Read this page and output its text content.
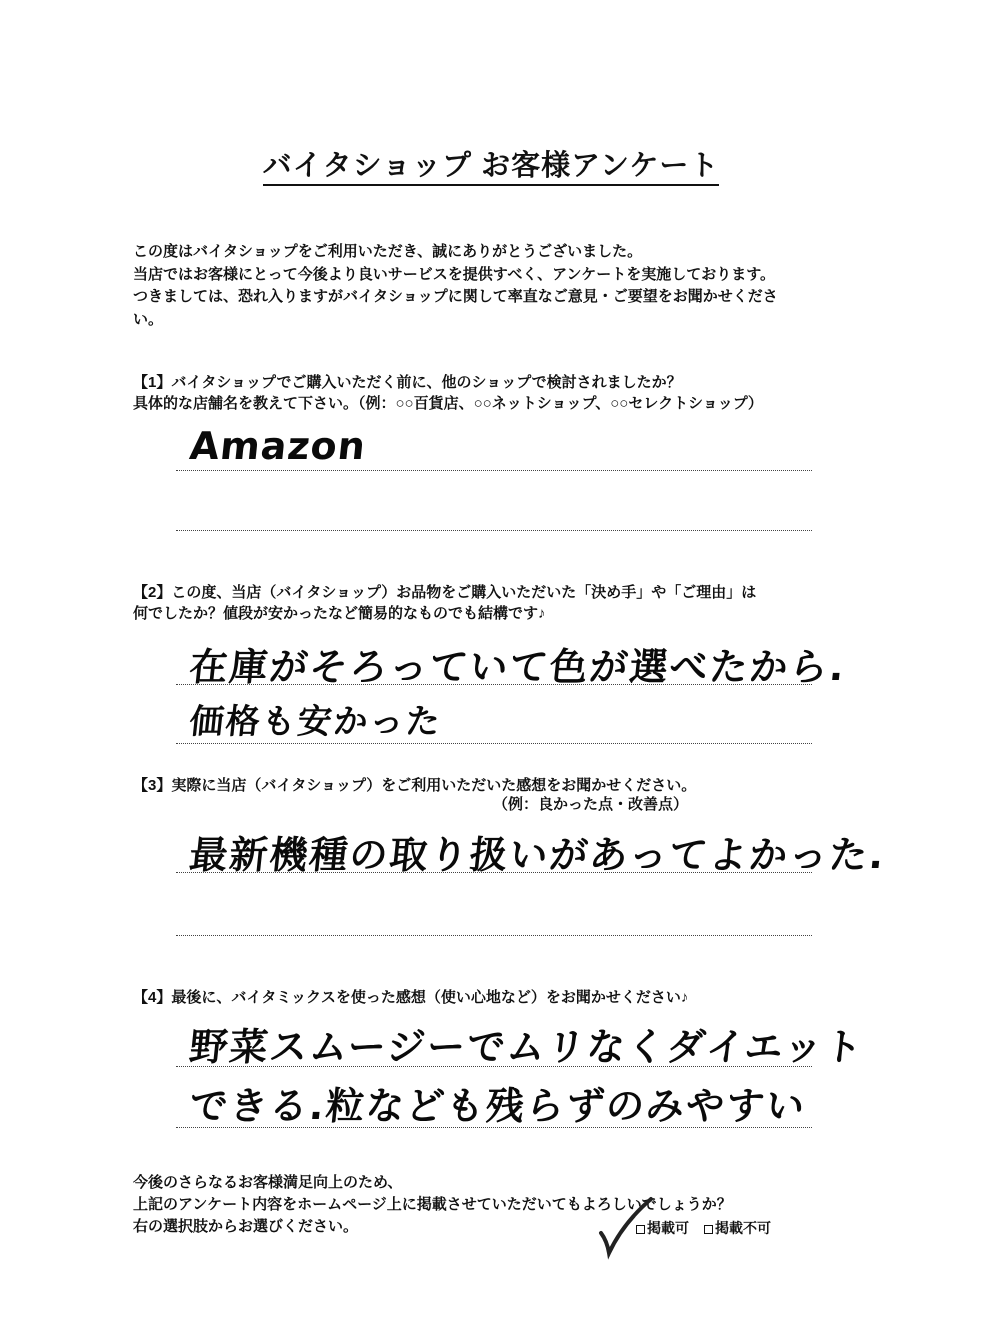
バイタショップ お客様アンケート
この度はバイタショップをご利用いただき、誠にありがとうございました。
当店ではお客様にとって今後より良いサービスを提供すべく、アンケートを実施しております。
つきましては、恐れ入りますがバイタショップに関して率直なご意見・ご要望をお聞かせくださ
い。
【1】バイタショップでご購入いただく前に、他のショップで検討されましたか？
具体的な店舗名を教えて下さい。（例：○○百貨店、○○ネットショップ、○○セレクトショップ）
Amazon
【2】この度、当店（バイタショップ）お品物をご購入いただいた「決め手」や「ご理由」は
何でしたか？値段が安かったなど簡易的なものでも結構です♪
在庫がそろっていて色が選べたから.
価格も安かった
【3】実際に当店（バイタショップ）をご利用いただいた感想をお聞かせください。
（例：良かった点・改善点）
最新機種の取り扱いがあってよかった.
【4】最後に、バイタミックスを使った感想（使い心地など）をお聞かせください♪
野菜スムージーでムリなくダイエット
できる.粒なども残らずのみやすい
今後のさらなるお客様満足向上のため、
上記のアンケート内容をホームページ上に掲載させていただいてもよろしいでしょうか？
右の選択肢からお選びください。	掲載可	掲載不可
